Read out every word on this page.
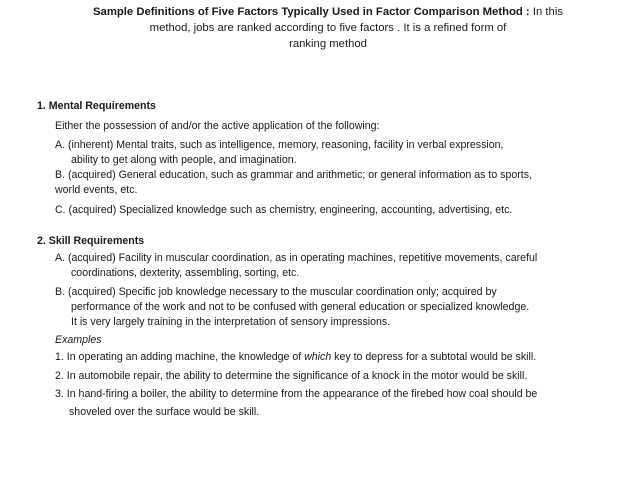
Sample Definitions of Five Factors Typically Used in Factor Comparison Method : In this
method, jobs are ranked according to five factors . It is a refined form of
ranking method
1. Mental Requirements
Either the possession of and/or the active application of the following:
A. (inherent) Mental traits, such as intelligence, memory, reasoning, facility in verbal expression,
ability to get along with people, and imagination.
B. (acquired) General education, such as grammar and arithmetic; or general information as to sports,
world events, etc.
C. (acquired) Specialized knowledge such as chemistry, engineering, accounting, advertising, etc.
2. Skill Requirements
A. (acquired) Facility in muscular coordination, as in operating machines, repetitive movements, careful
coordinations, dexterity, assembling, sorting, etc.
B. (acquired) Specific job knowledge necessary to the muscular coordination only; acquired by
performance of the work and not to be confused with general education or specialized knowledge.
It is very largely training in the interpretation of sensory impressions.
Examples
1. In operating an adding machine, the knowledge of which key to depress for a subtotal would be skill.
2. In automobile repair, the ability to determine the significance of a knock in the motor would be skill.
3. In hand-firing a boiler, the ability to determine from the appearance of the firebed how coal should be
shoveled over the surface would be skill.
